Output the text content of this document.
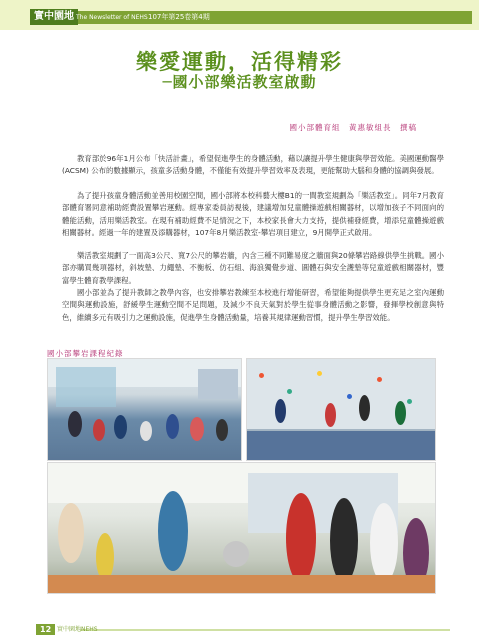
實中園地 The Newsletter of NEHS 107年第25卷第4期
樂愛運動，活得精彩
─國小部樂活教室啟動
國小部體育組　黃惠敏組長　撰稿

教育部於96年1月公布「快活計畫」，希望促進學生的身體活動，藉以讓提升學生健康與學習效能。美國運動醫學(ACSM) 公布的數據顯示，孩童多活動身體，不僅能有效提升學習效率及表現，更能幫助大腦和身體的協調與發展。

為了提升孩童身體活動並善用校園空間，國小部將本校科藝大樓B1的一間教室規劃為「樂活教室」。同年7月教育部體育署同意補助經費設置攀岩運動。經專家委員訪視後，建議增加兒童體操遊戲相關器材，以增加孩子不同面向的體能活動，活用樂活教室。在現有補助經費不足情況之下，本校家長會大力支持，提供補發經費，增添兒童體操遊戲相關器材。經過一年的建置及添購器材，107年8月樂活教室-攀岩項目建立，9月開學正式啟用。

樂活教室規劃了一面高3公尺、寬7公尺的攀岩牆，內含三種不同難易度之牆面與20條攀岩路線供學生挑戰。國小部亦購買幾項器材，斜坡墊、力繩墊、不衡板、仿石組、海浪獨覺步道、圓體石與安全護墊等兒童遊戲相關器材，豐富學生體育教學課程。

國小部並為了提升教師之教學內容，也安排攀岩教練至本校進行增能研習，希望能夠提供學生更充足之室內運動空間與運動設施，舒緩學生運動空間不足問題，及減少不良天氣對於學生從事身體活動之影響，發揮學校創意與特色，維續多元有吸引力之運動設施，促進學生身體活動量，培養其規律運動習慣，提升學生學習效能。

國小部攀岩課程紀錄
12 實中園地NEHS
